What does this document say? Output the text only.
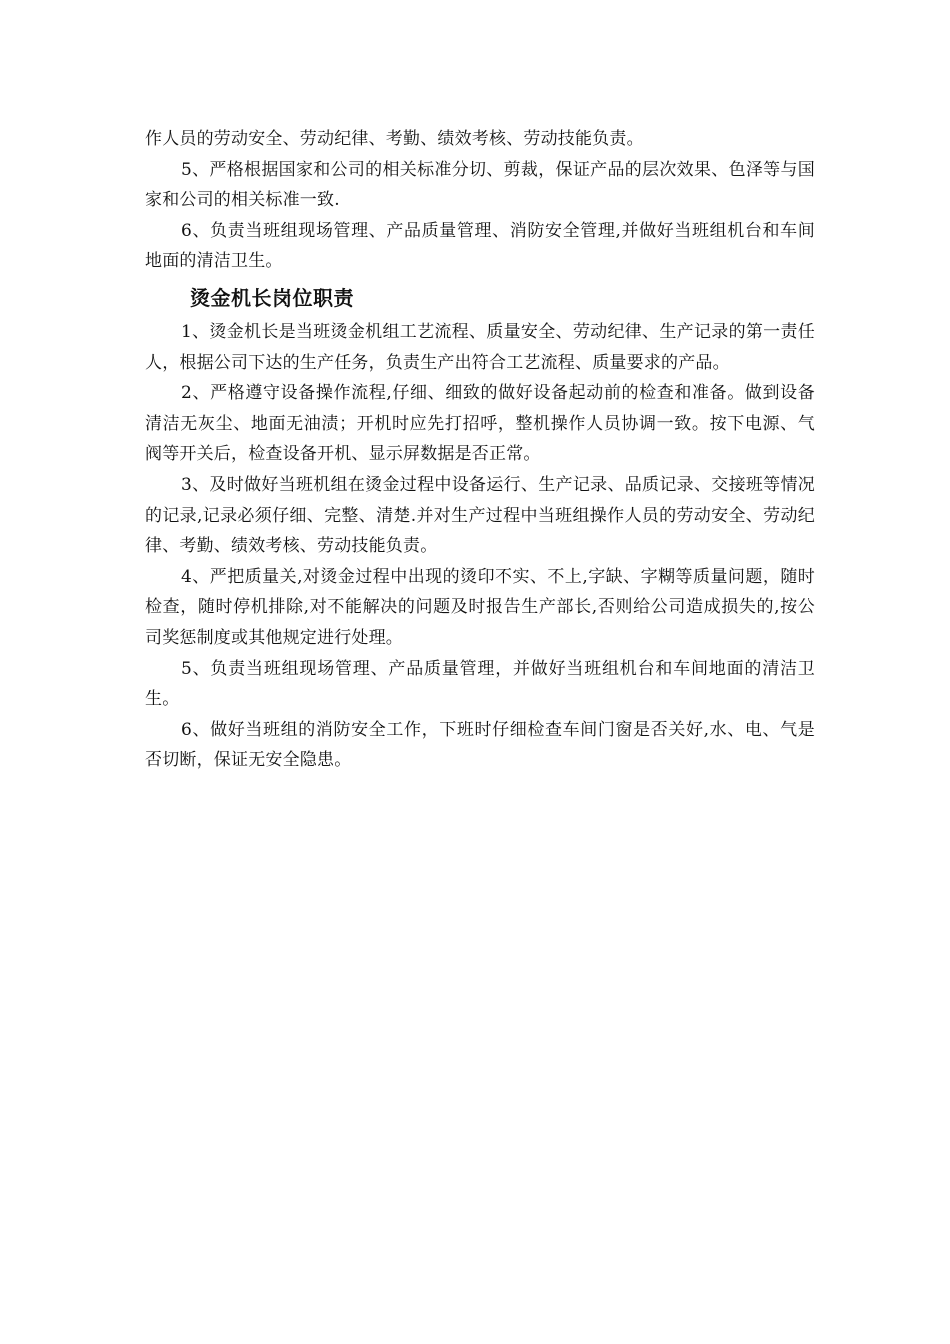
作人员的劳动安全、劳动纪律、考勤、绩效考核、劳动技能负责。

5、严格根据国家和公司的相关标准分切、剪裁，保证产品的层次效果、色泽等与国家和公司的相关标准一致.

6、负责当班组现场管理、产品质量管理、消防安全管理,并做好当班组机台和车间地面的清洁卫生。

烫金机长岗位职责

1、烫金机长是当班烫金机组工艺流程、质量安全、劳动纪律、生产记录的第一责任人，根据公司下达的生产任务，负责生产出符合工艺流程、质量要求的产品。

2、严格遵守设备操作流程,仔细、细致的做好设备起动前的检查和准备。做到设备清洁无灰尘、地面无油渍；开机时应先打招呼，整机操作人员协调一致。按下电源、气阀等开关后，检查设备开机、显示屏数据是否正常。

3、及时做好当班机组在烫金过程中设备运行、生产记录、品质记录、交接班等情况的记录,记录必须仔细、完整、清楚.并对生产过程中当班组操作人员的劳动安全、劳动纪律、考勤、绩效考核、劳动技能负责。

4、严把质量关,对烫金过程中出现的烫印不实、不上,字缺、字糊等质量问题，随时检查，随时停机排除,对不能解决的问题及时报告生产部长,否则给公司造成损失的,按公司奖惩制度或其他规定进行处理。

5、负责当班组现场管理、产品质量管理，并做好当班组机台和车间地面的清洁卫生。

6、做好当班组的消防安全工作，下班时仔细检查车间门窗是否关好,水、电、气是否切断，保证无安全隐患。
